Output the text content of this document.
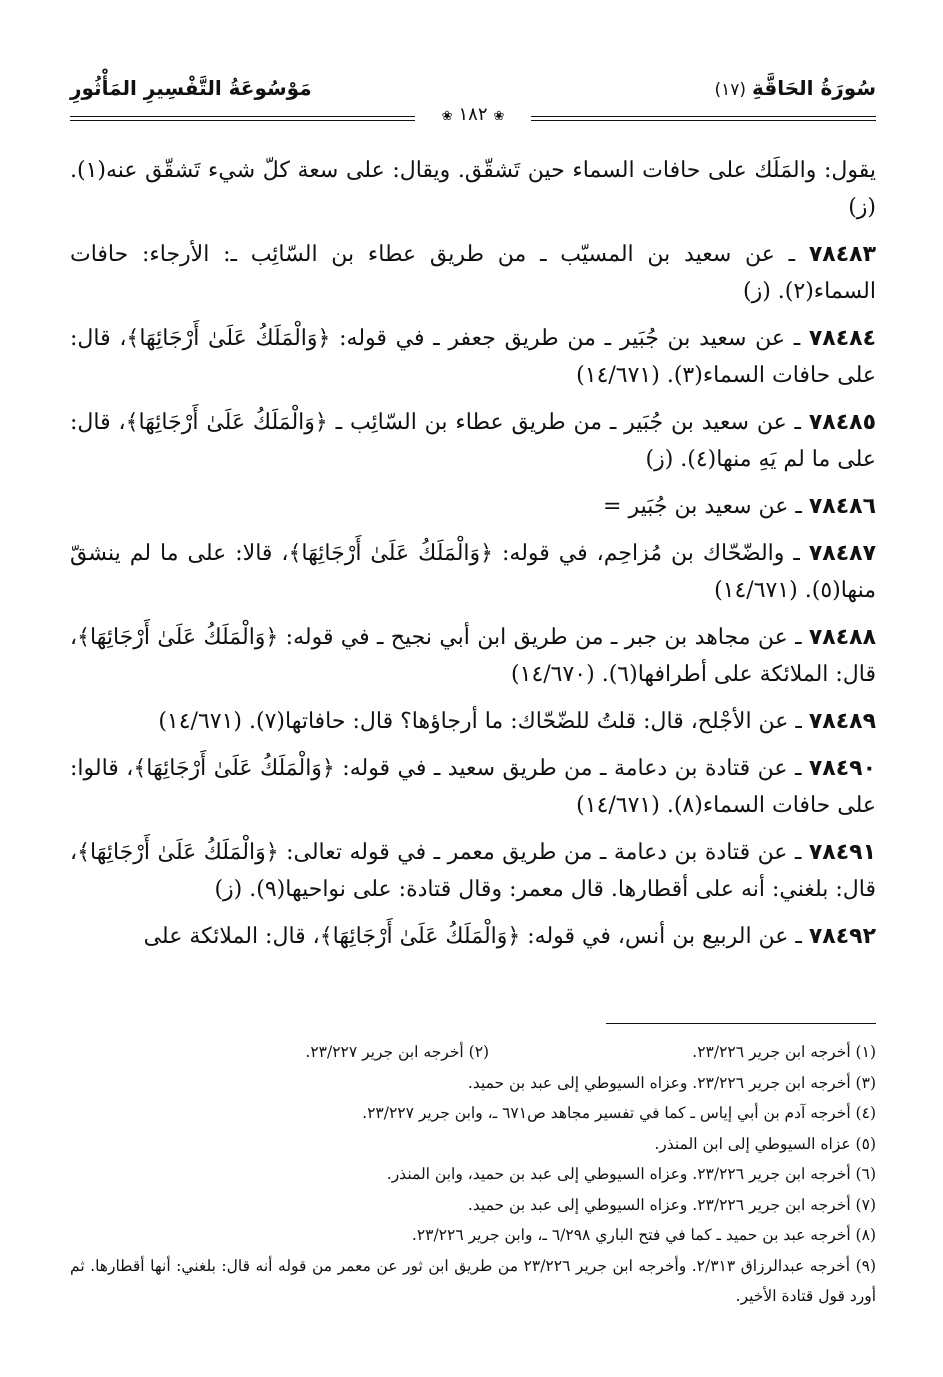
سُورَةُ الحَاقَّةِ(١٧)
مَوْسُوعَةُ التَّفْسِيرِ المَأْثُورِ
❀١٨٢❀

يقول: والمَلَك على حافات السماء حين تَشقّق. ويقال: على سعة كلّ شيء تَشقّق عنه(١). (ز)

٧٨٤٨٣ ـ عن سعيد بن المسيّب ـ من طريق عطاء بن السّائِب ـ: الأرجاء: حافات السماء(٢). (ز)

٧٨٤٨٤ ـ عن سعيد بن جُبَير ـ من طريق جعفر ـ في قوله: ﴿وَالْمَلَكُ عَلَىٰ أَرْجَائِهَا﴾، قال: على حافات السماء(٣). (١٤/٦٧١)

٧٨٤٨٥ ـ عن سعيد بن جُبَير ـ من طريق عطاء بن السّائِب ـ ﴿وَالْمَلَكُ عَلَىٰ أَرْجَائِهَا﴾، قال: على ما لم يَهِ منها(٤). (ز)

٧٨٤٨٦ ـ عن سعيد بن جُبَير =

٧٨٤٨٧ ـ والضّحّاك بن مُزاحِم، في قوله: ﴿وَالْمَلَكُ عَلَىٰ أَرْجَائِهَا﴾، قالا: على ما لم ينشقّ منها(٥). (١٤/٦٧١)

٧٨٤٨٨ ـ عن مجاهد بن جبر ـ من طريق ابن أبي نجيح ـ في قوله: ﴿وَالْمَلَكُ عَلَىٰ أَرْجَائِهَا﴾، قال: الملائكة على أطرافها(٦). (١٤/٦٧٠)

٧٨٤٨٩ ـ عن الأجْلح، قال: قلتُ للضّحّاك: ما أرجاؤها؟ قال: حافاتها(٧). (١٤/٦٧١)

٧٨٤٩٠ ـ عن قتادة بن دعامة ـ من طريق سعيد ـ في قوله: ﴿وَالْمَلَكُ عَلَىٰ أَرْجَائِهَا﴾، قالوا: على حافات السماء(٨). (١٤/٦٧١)

٧٨٤٩١ ـ عن قتادة بن دعامة ـ من طريق معمر ـ في قوله تعالى: ﴿وَالْمَلَكُ عَلَىٰ أَرْجَائِهَا﴾، قال: بلغني: أنه على أقطارها. قال معمر: وقال قتادة: على نواحيها(٩). (ز)

٧٨٤٩٢ ـ عن الربيع بن أنس، في قوله: ﴿وَالْمَلَكُ عَلَىٰ أَرْجَائِهَا﴾، قال: الملائكة على

(١) أخرجه ابن جرير ٢٣/٢٢٦.
(٢) أخرجه ابن جرير ٢٣/٢٢٧.
(٣) أخرجه ابن جرير ٢٣/٢٢٦. وعزاه السيوطي إلى عبد بن حميد.
(٤) أخرجه آدم بن أبي إياس ـ كما في تفسير مجاهد ص٦٧١ ـ، وابن جرير ٢٣/٢٢٧.
(٥) عزاه السيوطي إلى ابن المنذر.
(٦) أخرجه ابن جرير ٢٣/٢٢٦. وعزاه السيوطي إلى عبد بن حميد، وابن المنذر.
(٧) أخرجه ابن جرير ٢٣/٢٢٦. وعزاه السيوطي إلى عبد بن حميد.
(٨) أخرجه عبد بن حميد ـ كما في فتح الباري ٦/٢٩٨ ـ، وابن جرير ٢٣/٢٢٦.
(٩) أخرجه عبدالرزاق ٢/٣١٣. وأخرجه ابن جرير ٢٣/٢٢٦ من طريق ابن ثور عن معمر من قوله أنه قال: بلغني: أنها أقطارها. ثم أورد قول قتادة الأخير.
